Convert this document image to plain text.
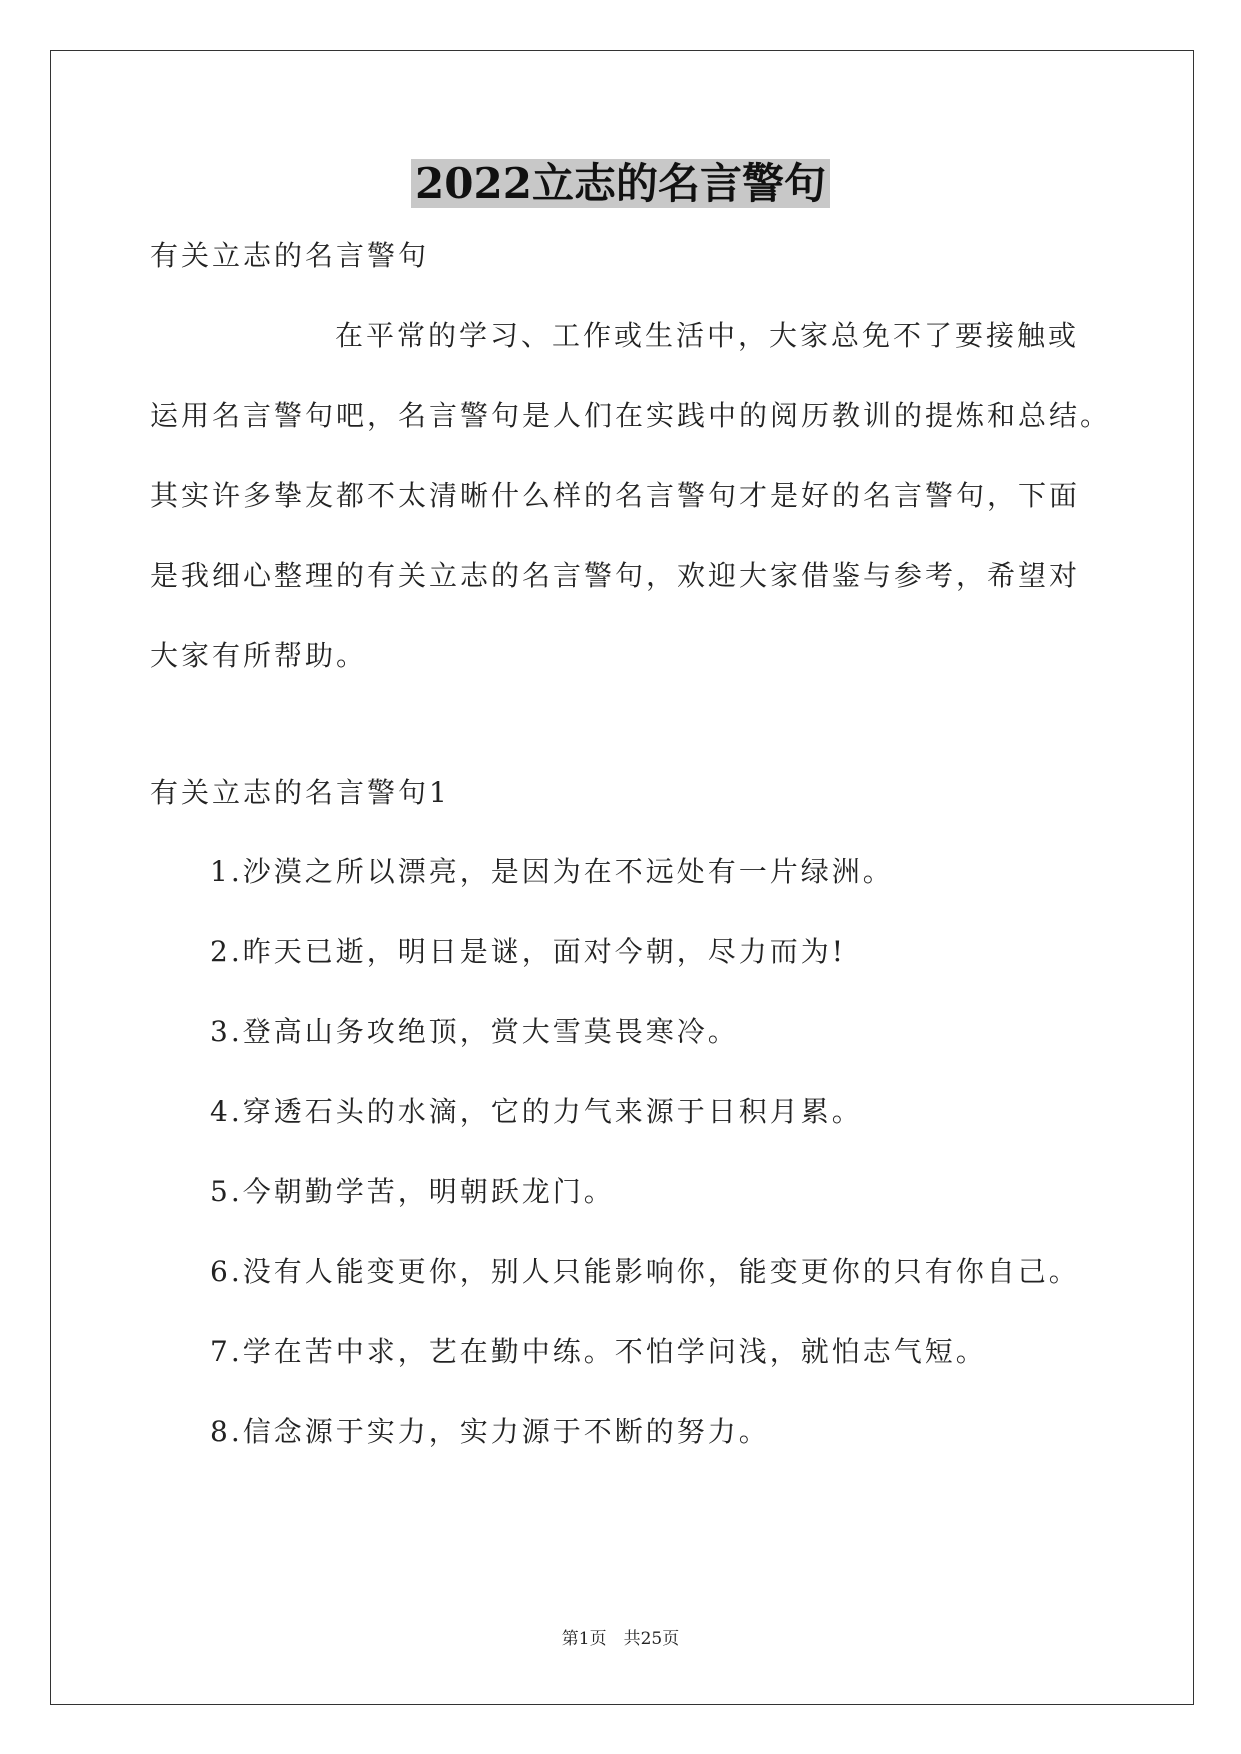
2022立志的名言警句
有关立志的名言警句
在平常的学习、工作或生活中，大家总免不了要接触或
运用名言警句吧，名言警句是人们在实践中的阅历教训的提炼和总结。
其实许多挚友都不太清晰什么样的名言警句才是好的名言警句，下面
是我细心整理的有关立志的名言警句，欢迎大家借鉴与参考，希望对
大家有所帮助。
有关立志的名言警句1
1.沙漠之所以漂亮，是因为在不远处有一片绿洲。
2.昨天已逝，明日是谜，面对今朝，尽力而为!
3.登高山务攻绝顶，赏大雪莫畏寒冷。
4.穿透石头的水滴，它的力气来源于日积月累。
5.今朝勤学苦，明朝跃龙门。
6.没有人能变更你，别人只能影响你，能变更你的只有你自己。
7.学在苦中求，艺在勤中练。不怕学问浅，就怕志气短。
8.信念源于实力，实力源于不断的努力。
第1页　共25页
